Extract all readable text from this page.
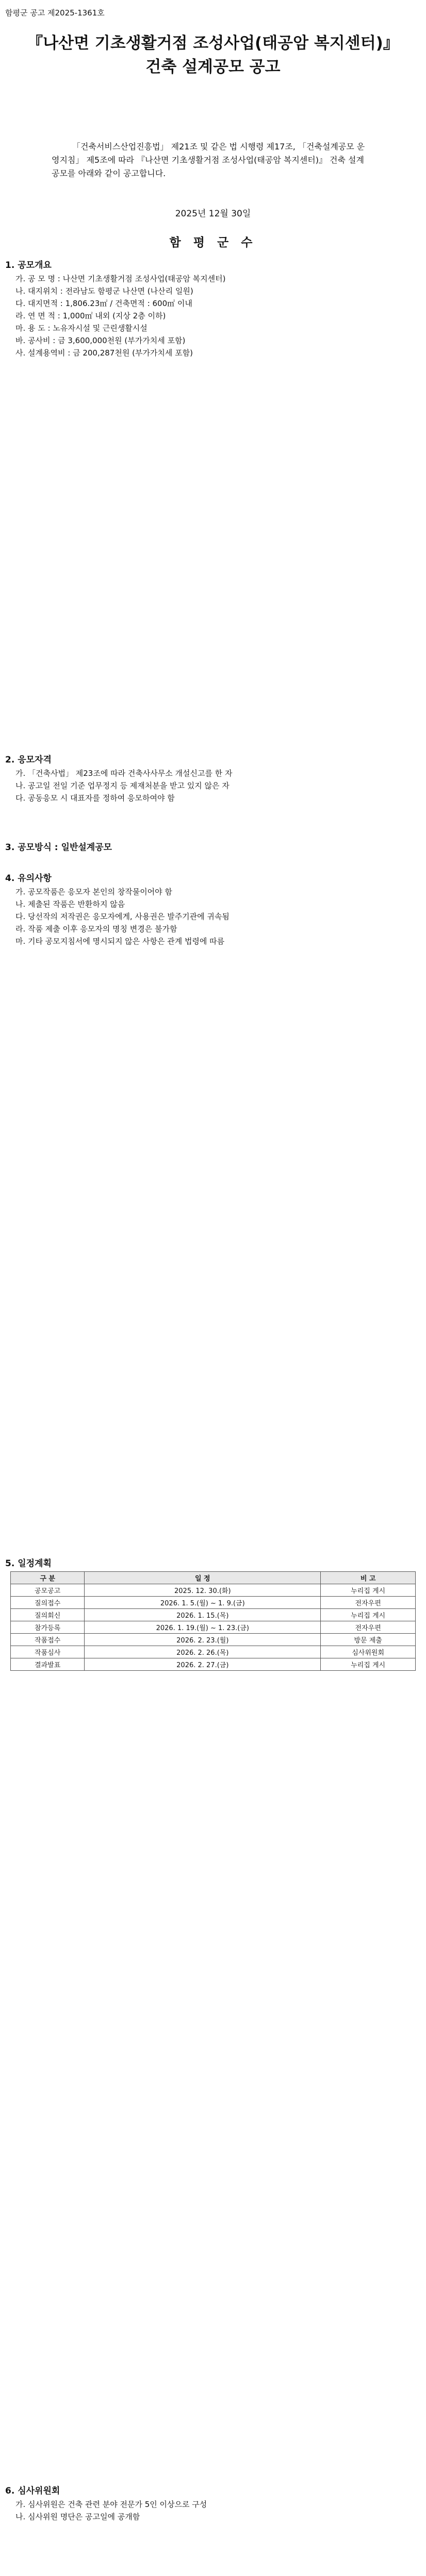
함평군 공고 제2025-1361호
『나산면 기초생활거점 조성사업(태공암 복지센터)』
건축 설계공모 공고
「건축서비스산업진흥법」 제21조 및 같은 법 시행령 제17조, 「건축설계공모 운영지침」 제5조에 따라 『나산면 기초생활거점 조성사업(태공암 복지센터)』 건축 설계공모를 아래와 같이 공고합니다.
2025년 12월 30일
함 평 군 수
1. 공모개요
가. 공 모 명 : 나산면 기초생활거점 조성사업(태공암 복지센터)
나. 대지위치 : 전라남도 함평군 나산면 (나산리 일원)
다. 대지면적 : 1,806.23㎡ / 건축면적 : 600㎡ 이내
라. 연 면 적 : 1,000㎡ 내외 (지상 2층 이하)
마. 용 도 : 노유자시설 및 근린생활시설
바. 공사비 : 금 3,600,000천원 (부가가치세 포함)
사. 설계용역비 : 금 200,287천원 (부가가치세 포함)
2. 응모자격
가. 「건축사법」 제23조에 따라 건축사사무소 개설신고를 한 자
나. 공고일 전일 기준 업무정지 등 제재처분을 받고 있지 않은 자
다. 공동응모 시 대표자를 정하여 응모하여야 함
3. 공모방식 : 일반설계공모
4. 유의사항
가. 공모작품은 응모자 본인의 창작물이어야 함
나. 제출된 작품은 반환하지 않음
다. 당선작의 저작권은 응모자에게, 사용권은 발주기관에 귀속됨
라. 작품 제출 이후 응모자의 명칭 변경은 불가함
마. 기타 공모지침서에 명시되지 않은 사항은 관계 법령에 따름
5. 일정계획
구 분	일 정	비 고
공모공고	2025. 12. 30.(화)	누리집 게시
질의접수	2026. 1. 5.(월) ~ 1. 9.(금)	전자우편
질의회신	2026. 1. 15.(목)	누리집 게시
참가등록	2026. 1. 19.(월) ~ 1. 23.(금)	전자우편
작품접수	2026. 2. 23.(월)	방문 제출
작품심사	2026. 2. 26.(목)	심사위원회
결과발표	2026. 2. 27.(금)	누리집 게시
6. 심사위원회
가. 심사위원은 건축 관련 분야 전문가 5인 이상으로 구성
나. 심사위원 명단은 공고일에 공개함
